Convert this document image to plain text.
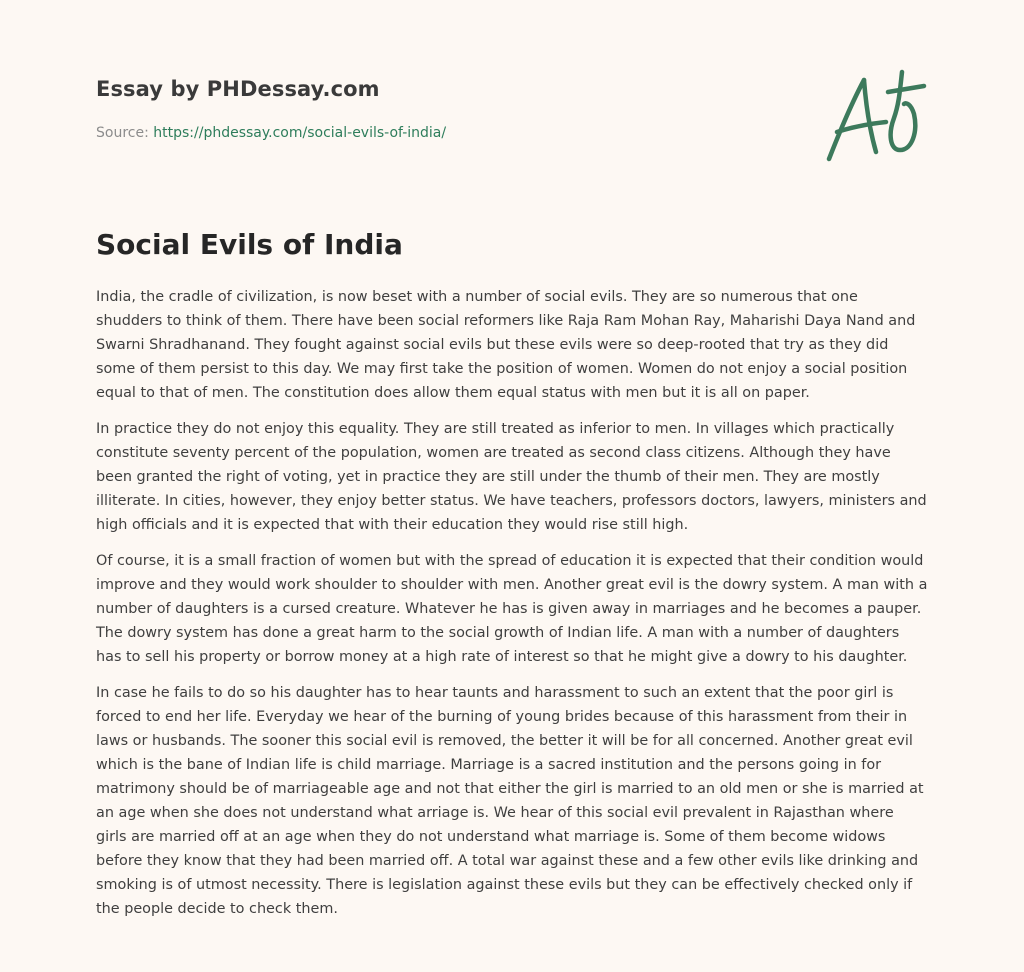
Essay by PHDessay.com
Source: https://phdessay.com/social-evils-of-india/
Social Evils of India

India, the cradle of civilization, is now beset with a number of social evils. They are so numerous that one shudders to think of them. There have been social reformers like Raja Ram Mohan Ray, Maharishi Daya Nand and Swarni Shradhanand. They fought against social evils but these evils were so deep-rooted that try as they did some of them persist to this day. We may first take the position of women. Women do not enjoy a social position equal to that of men. The constitution does allow them equal status with men but it is all on paper.

In practice they do not enjoy this equality. They are still treated as inferior to men. In villages which practically constitute seventy percent of the population, women are treated as second class citizens. Although they have been granted the right of voting, yet in practice they are still under the thumb of their men. They are mostly illiterate. In cities, however, they enjoy better status. We have teachers, professors doctors, lawyers, ministers and high officials and it is expected that with their education they would rise still high.

Of course, it is a small fraction of women but with the spread of education it is expected that their condition would improve and they would work shoulder to shoulder with men. Another great evil is the dowry system. A man with a number of daughters is a cursed creature. Whatever he has is given away in marriages and he becomes a pauper. The dowry system has done a great harm to the social growth of Indian life. A man with a number of daughters has to sell his property or borrow money at a high rate of interest so that he might give a dowry to his daughter.

In case he fails to do so his daughter has to hear taunts and harassment to such an extent that the poor girl is forced to end her life. Everyday we hear of the burning of young brides because of this harassment from their in laws or husbands. The sooner this social evil is removed, the better it will be for all concerned. Another great evil which is the bane of Indian life is child marriage. Marriage is a sacred institution and the persons going in for matrimony should be of marriageable age and not that either the girl is married to an old men or she is married at an age when she does not understand what arriage is. We hear of this social evil prevalent in Rajasthan where girls are married off at an age when they do not understand what marriage is. Some of them become widows before they know that they had been married off. A total war against these and a few other evils like drinking and smoking is of utmost necessity. There is legislation against these evils but they can be effectively checked only if the people decide to check them.
